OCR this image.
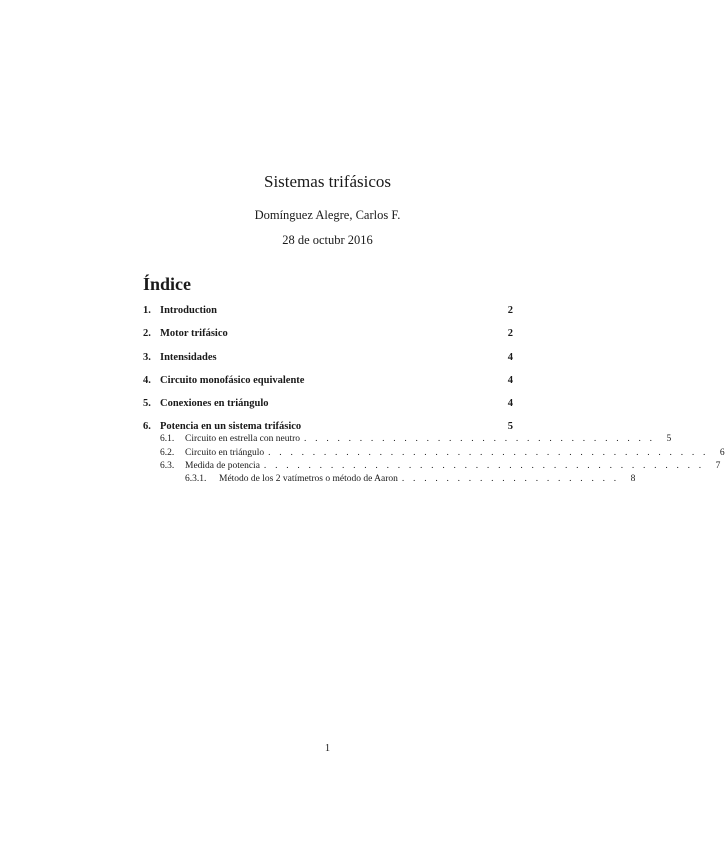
Sistemas trifásicos
Domínguez Alegre, Carlos F.
28 de octubr 2016
Índice
1. Introduction	2
2. Motor trifásico	2
3. Intensidades	4
4. Circuito monofásico equivalente	4
5. Conexiones en triángulo	4
6. Potencia en un sistema trifásico	5
6.1.	Circuito en estrella con neutro . . . . . . . . . . . . . . . . . . . . . . . . . . . . . . . .	5
6.2.	Circuito en triángulo . . . . . . . . . . . . . . . . . . . . . . . . . . . . . . . . . . . . . . . .	6
6.3.	Medida de potencia . . . . . . . . . . . . . . . . . . . . . . . . . . . . . . . . . . . . . . . .	7
6.3.1.	Método de los 2 vatímetros o método de Aaron . . . . . . . . . . . . . . . . . . . .	8
1
